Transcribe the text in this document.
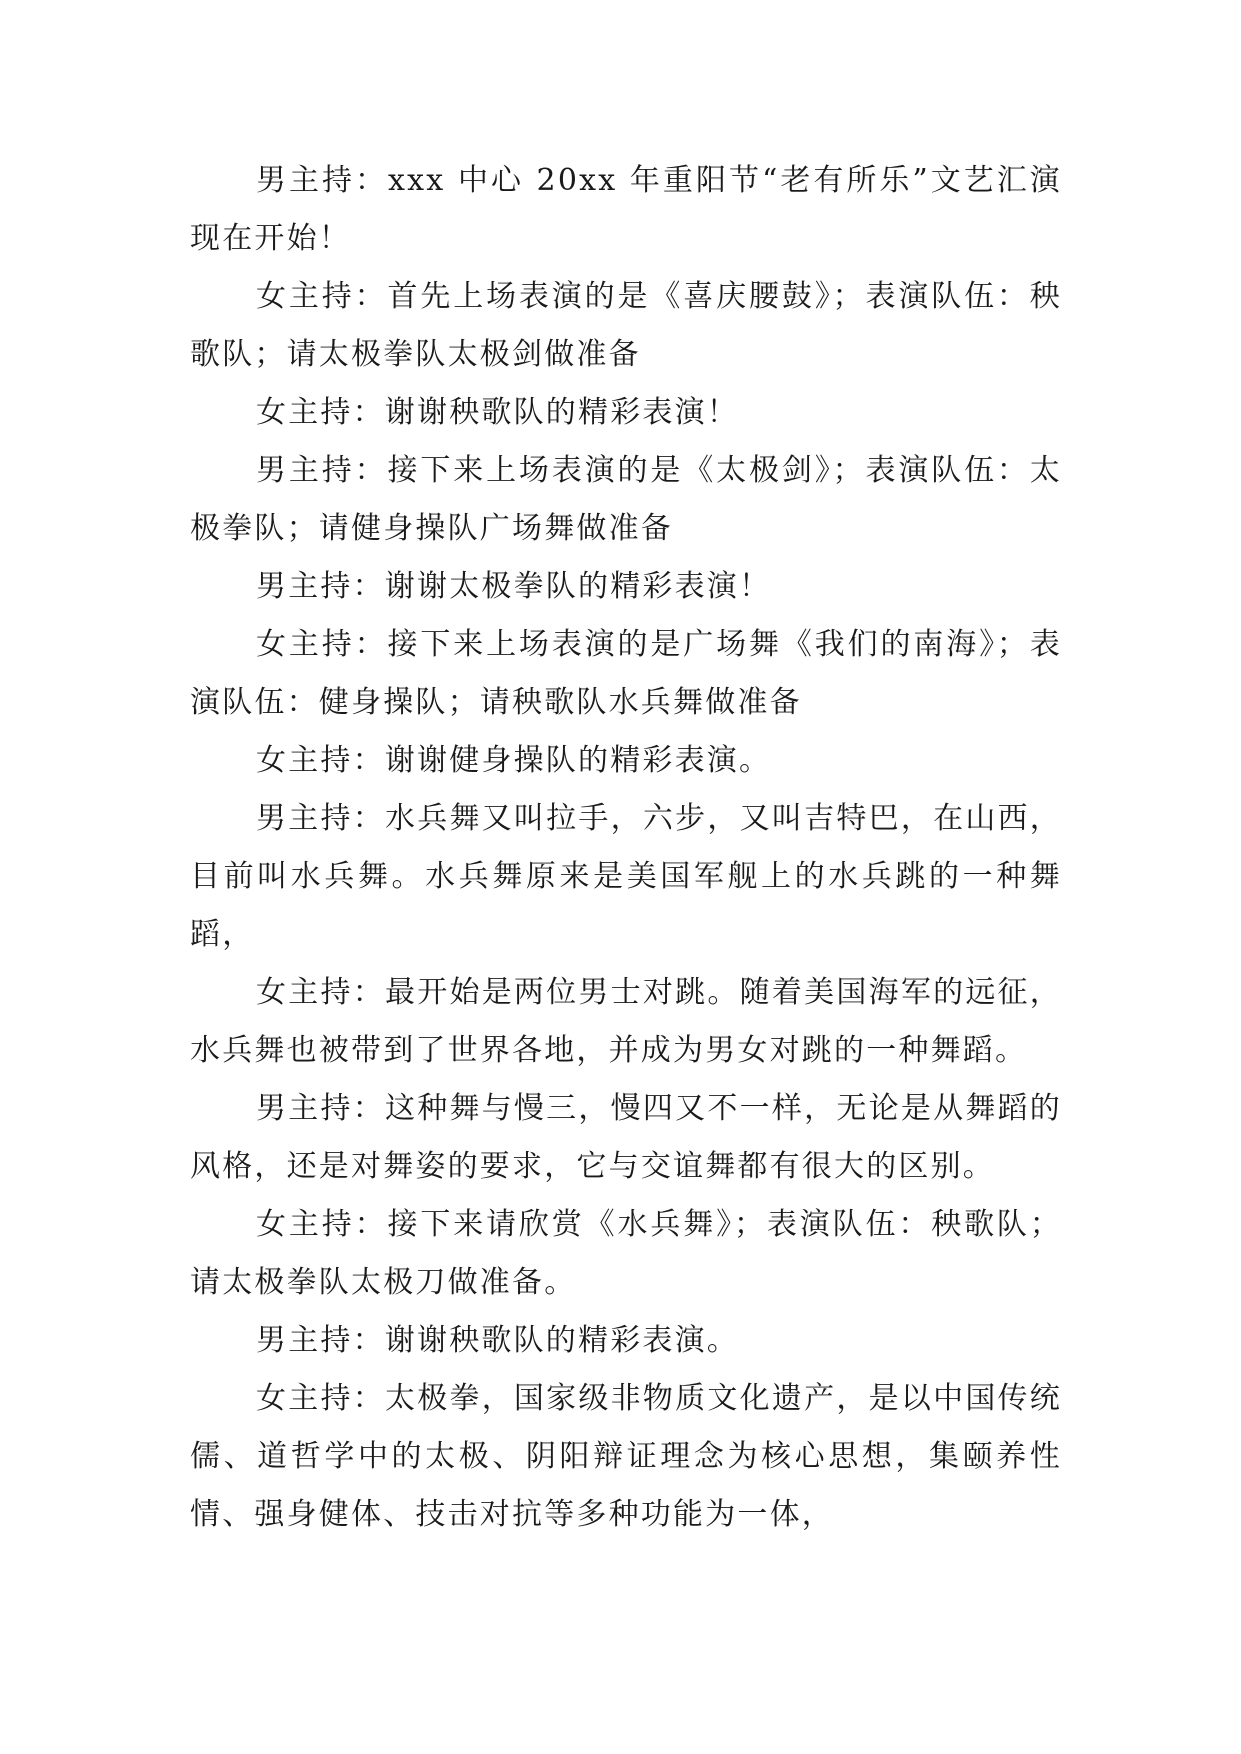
男主持：xxx 中心 20xx 年重阳节“老有所乐”文艺汇演现在开始！

女主持：首先上场表演的是《喜庆腰鼓》；表演队伍：秧歌队；请太极拳队太极剑做准备

女主持：谢谢秧歌队的精彩表演！

男主持：接下来上场表演的是《太极剑》；表演队伍：太极拳队；请健身操队广场舞做准备

男主持：谢谢太极拳队的精彩表演！

女主持：接下来上场表演的是广场舞《我们的南海》；表演队伍：健身操队；请秧歌队水兵舞做准备

女主持：谢谢健身操队的精彩表演。

男主持：水兵舞又叫拉手，六步，又叫吉特巴，在山西，目前叫水兵舞。水兵舞原来是美国军舰上的水兵跳的一种舞蹈，

女主持：最开始是两位男士对跳。随着美国海军的远征，水兵舞也被带到了世界各地，并成为男女对跳的一种舞蹈。

男主持：这种舞与慢三，慢四又不一样，无论是从舞蹈的风格，还是对舞姿的要求，它与交谊舞都有很大的区别。

女主持：接下来请欣赏《水兵舞》；表演队伍：秧歌队；请太极拳队太极刀做准备。

男主持：谢谢秧歌队的精彩表演。

女主持：太极拳，国家级非物质文化遗产，是以中国传统儒、道哲学中的太极、阴阳辩证理念为核心思想，集颐养性情、强身健体、技击对抗等多种功能为一体，
